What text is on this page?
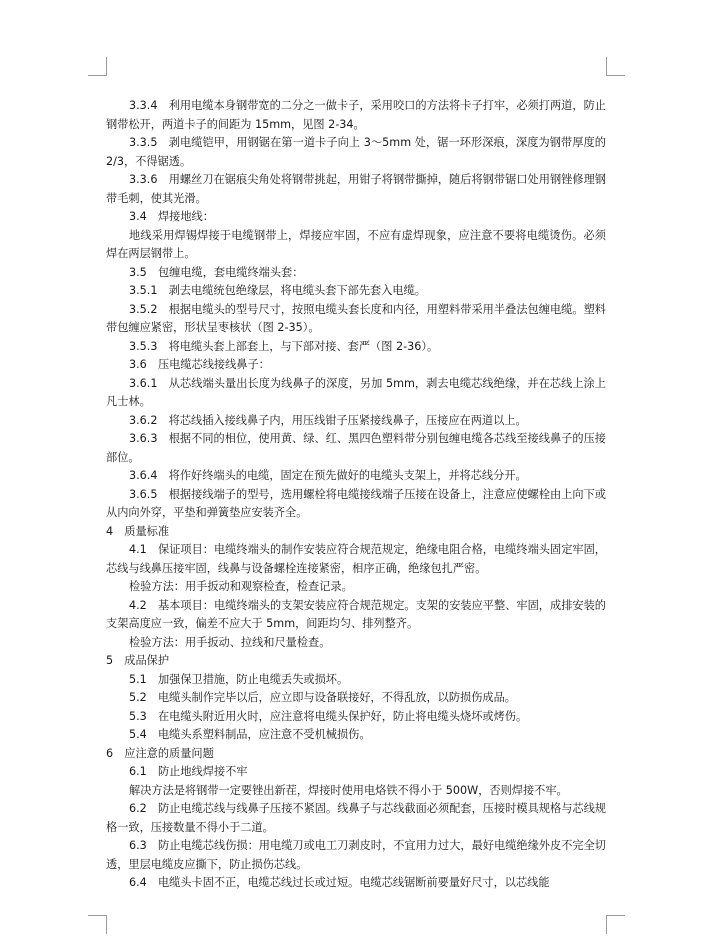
3.3.4　利用电缆本身钢带宽的二分之一做卡子，采用咬口的方法将卡子打牢，必须打两道，防止钢带松开，两道卡子的间距为 15mm，见图 2-34。

3.3.5　剥电缆铠甲，用钢锯在第一道卡子向上 3～5mm 处，锯一环形深痕，深度为钢带厚度的 2/3，不得锯透。

3.3.6　用螺丝刀在锯痕尖角处将钢带挑起，用钳子将钢带撕掉，随后将钢带锯口处用钢锉修理钢带毛刺，使其光滑。

3.4　焊接地线：

地线采用焊锡焊接于电缆钢带上，焊接应牢固，不应有虚焊现象，应注意不要将电缆烫伤。必须焊在两层钢带上。

3.5　包缠电缆，套电缆终端头套：

3.5.1　剥去电缆统包绝缘层，将电缆头套下部先套入电缆。

3.5.2　根据电缆头的型号尺寸，按照电缆头套长度和内径，用塑料带采用半叠法包缠电缆。塑料带包缠应紧密，形状呈枣核状（图 2-35）。

3.5.3　将电缆头套上部套上，与下部对接、套严（图 2-36）。

3.6　压电缆芯线接线鼻子：

3.6.1　从芯线端头量出长度为线鼻子的深度，另加 5mm，剥去电缆芯线绝缘，并在芯线上涂上凡士林。

3.6.2　将芯线插入接线鼻子内，用压线钳子压紧接线鼻子，压接应在两道以上。

3.6.3　根据不同的相位，使用黄、绿、红、黑四色塑料带分别包缠电缆各芯线至接线鼻子的压接部位。

3.6.4　将作好终端头的电缆，固定在预先做好的电缆头支架上，并将芯线分开。

3.6.5　根据接线端子的型号，选用螺栓将电缆接线端子压接在设备上，注意应使螺栓由上向下或从内向外穿，平垫和弹簧垫应安装齐全。

4　质量标准

4.1　保证项目：电缆终端头的制作安装应符合规范规定，绝缘电阻合格，电缆终端头固定牢固，芯线与线鼻压接牢固，线鼻与设备螺栓连接紧密，相序正确，绝缘包扎严密。

检验方法：用手扳动和观察检查，检查记录。

4.2　基本项目：电缆终端头的支架安装应符合规范规定。支架的安装应平整、牢固，成排安装的支架高度应一致，偏差不应大于 5mm，间距均匀、排列整齐。

检验方法：用手扳动、拉线和尺量检查。

5　成品保护

5.1　加强保卫措施，防止电缆丢失或损坏。

5.2　电缆头制作完毕以后，应立即与设备联接好，不得乱放，以防损伤成品。

5.3　在电缆头附近用火时，应注意将电缆头保护好，防止将电缆头烧坏或烤伤。

5.4　电缆头系塑料制品，应注意不受机械损伤。

6　应注意的质量问题

6.1　防止地线焊接不牢

解决方法是将钢带一定要锉出新茬，焊接时使用电烙铁不得小于 500W，否则焊接不牢。

6.2　防止电缆芯线与线鼻子压接不紧固。线鼻子与芯线截面必须配套，压接时模具规格与芯线规格一致，压接数量不得小于二道。

6.3　防止电缆芯线伤损：用电缆刀或电工刀剥皮时，不宜用力过大，最好电缆绝缘外皮不完全切透，里层电缆皮应撕下，防止损伤芯线。

6.4　电缆头卡固不正，电缆芯线过长或过短。电缆芯线锯断前要量好尺寸，以芯线能
